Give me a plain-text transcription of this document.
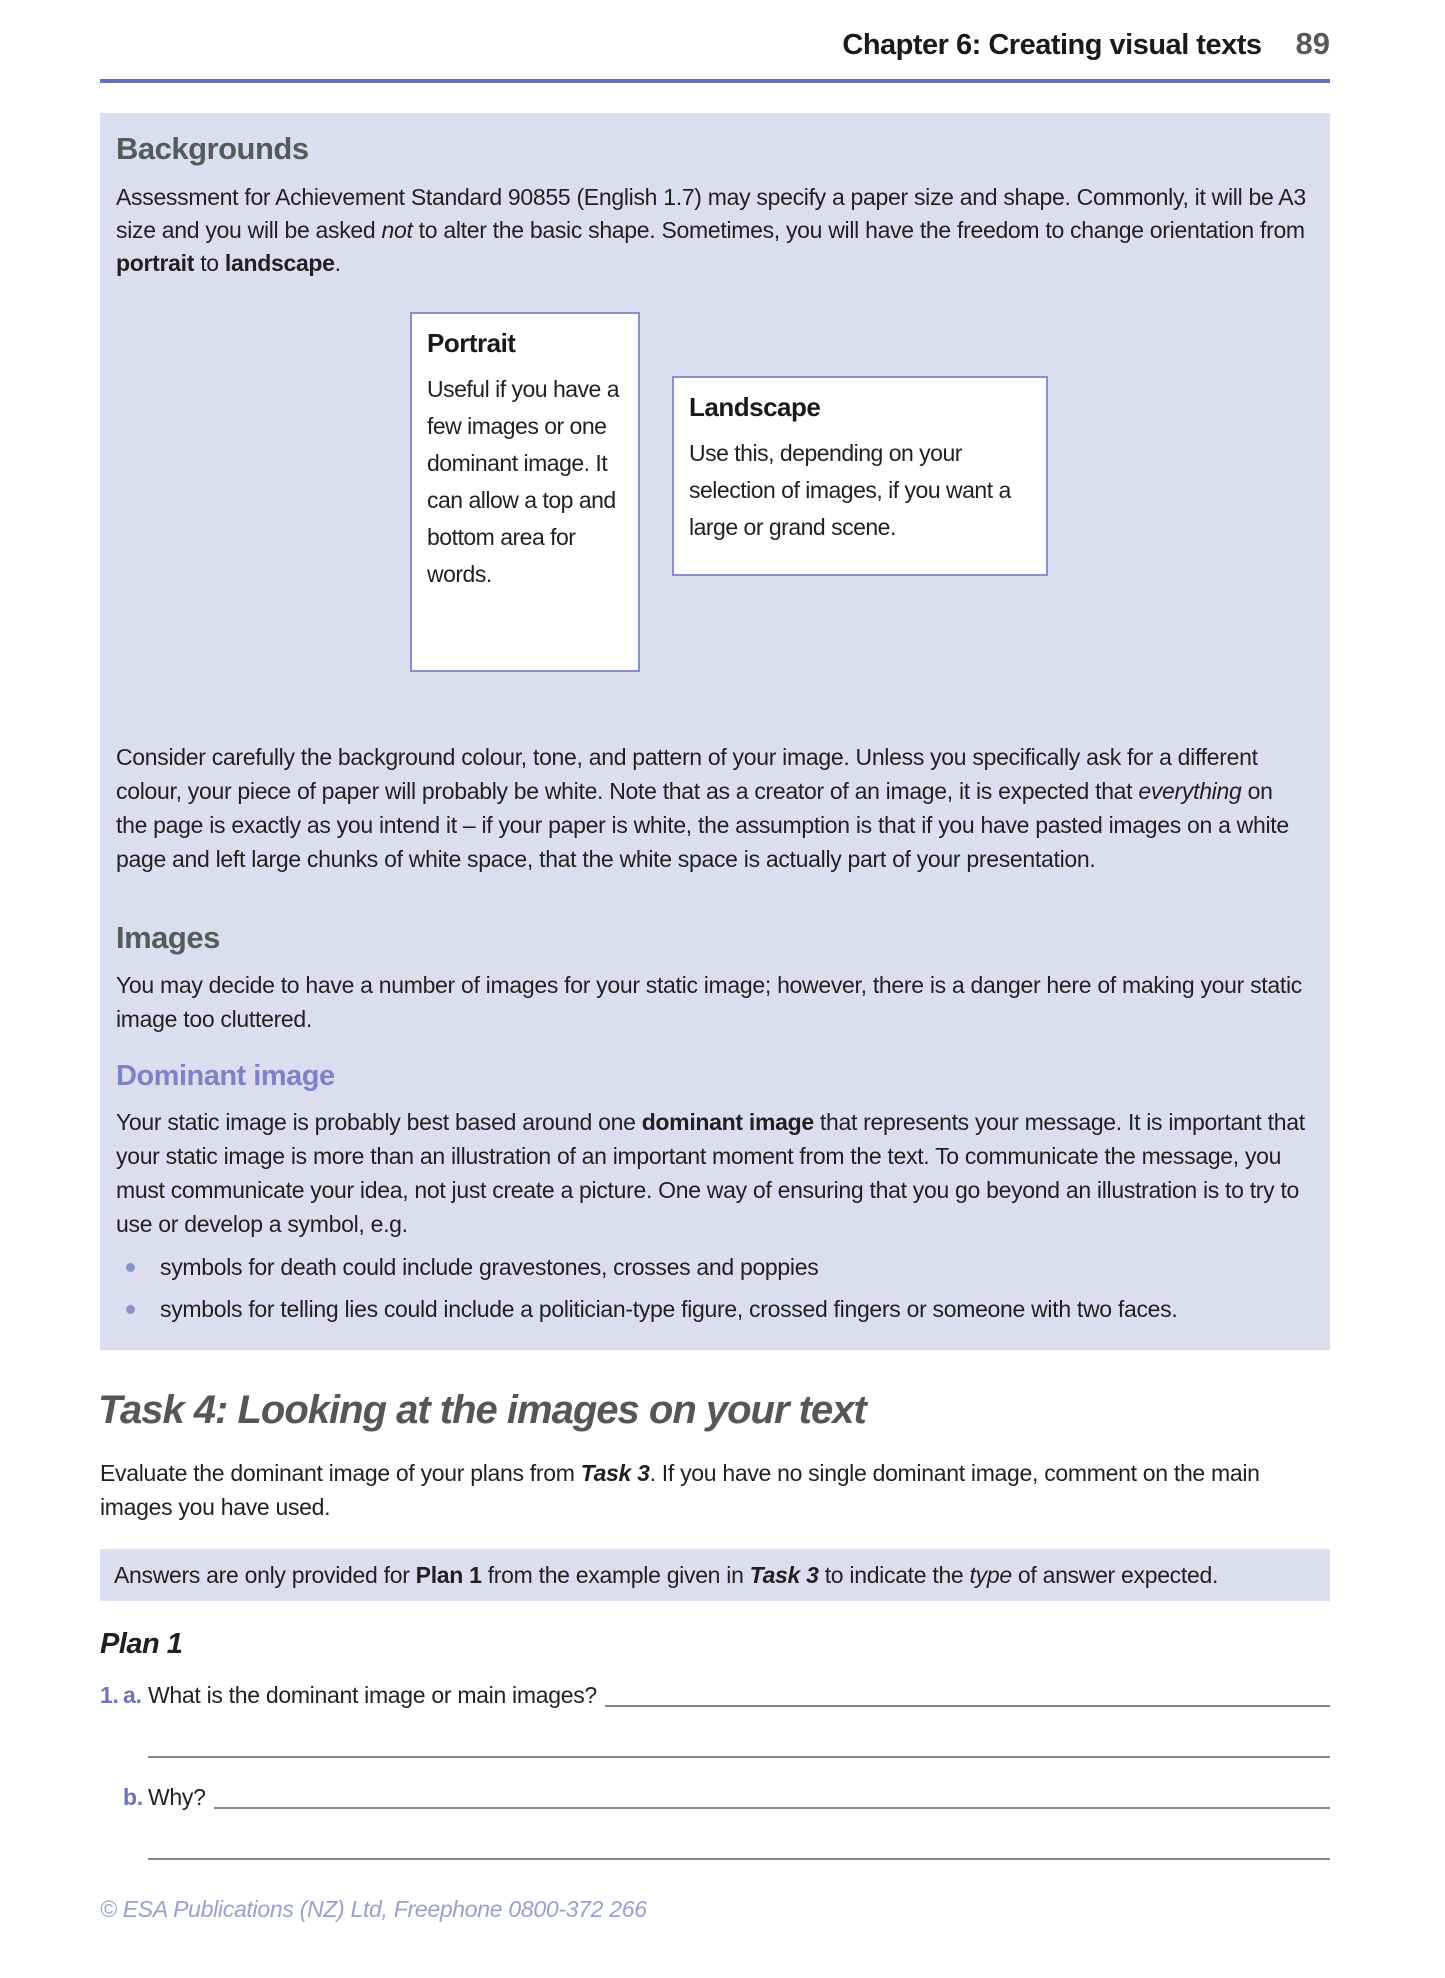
Chapter 6: Creating visual texts 89
Backgrounds

Assessment for Achievement Standard 90855 (English 1.7) may specify a paper size and shape. Commonly, it will be A3 size and you will be asked not to alter the basic shape. Sometimes, you will have the freedom to change orientation from portrait to landscape.

Portrait

Useful if you have a few images or one dominant image. It can allow a top and bottom area for words.

Landscape

Use this, depending on your selection of images, if you want a large or grand scene.

Consider carefully the background colour, tone, and pattern of your image. Unless you specifically ask for a different colour, your piece of paper will probably be white. Note that as a creator of an image, it is expected that everything on the page is exactly as you intend it – if your paper is white, the assumption is that if you have pasted images on a white page and left large chunks of white space, that the white space is actually part of your presentation.

Images

You may decide to have a number of images for your static image; however, there is a danger here of making your static image too cluttered.

Dominant image

Your static image is probably best based around one dominant image that represents your message. It is important that your static image is more than an illustration of an important moment from the text. To communicate the message, you must communicate your idea, not just create a picture. One way of ensuring that you go beyond an illustration is to try to use or develop a symbol, e.g.

symbols for death could include gravestones, crosses and poppies
symbols for telling lies could include a politician-type figure, crossed fingers or someone with two faces.
Task 4: Looking at the images on your text

Evaluate the dominant image of your plans from Task 3. If you have no single dominant image, comment on the main images you have used.

Answers are only provided for Plan 1 from the example given in Task 3 to indicate the type of answer expected.

Plan 1
1. a. What is the dominant image or main images?
b. Why?
© ESA Publications (NZ) Ltd, Freephone 0800-372 266
